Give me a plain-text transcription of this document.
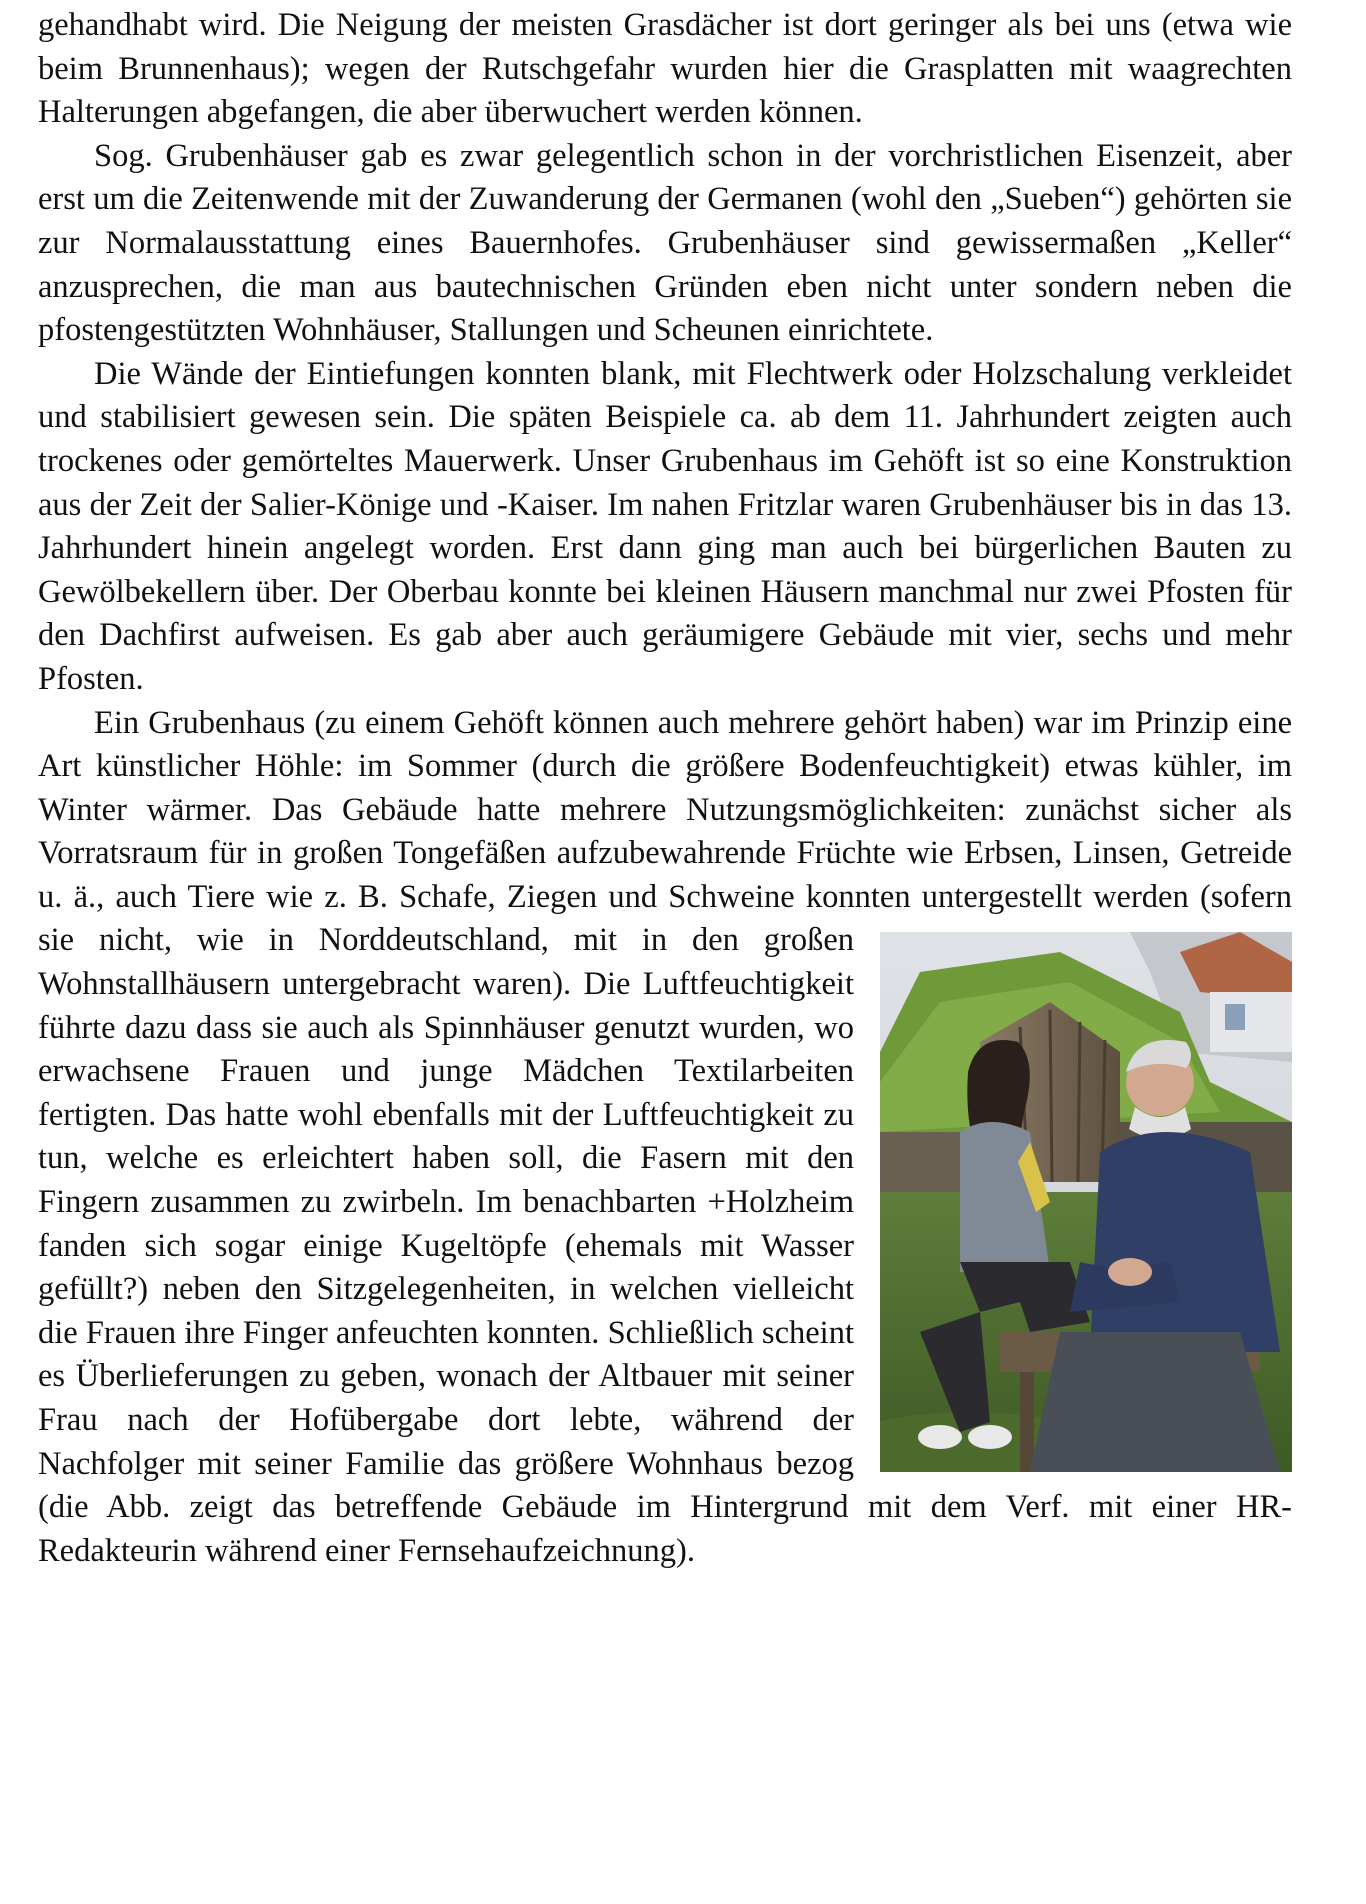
gehandhabt wird. Die Neigung der meisten Grasdächer ist dort geringer als bei uns (etwa wie beim Brunnenhaus); wegen der Rutschgefahr wurden hier die Grasplatten mit waagrechten Halterungen abgefangen, die aber überwuchert werden können.

Sog. Grubenhäuser gab es zwar gelegentlich schon in der vorchristlichen Eisenzeit, aber erst um die Zeitenwende mit der Zuwanderung der Germanen (wohl den „Sueben“) gehörten sie zur Normalausstattung eines Bauernhofes. Grubenhäuser sind gewissermaßen „Keller“ anzusprechen, die man aus bautechnischen Gründen eben nicht unter sondern neben die pfostengestützten Wohnhäuser, Stallungen und Scheunen einrichtete.

Die Wände der Eintiefungen konnten blank, mit Flechtwerk oder Holzschalung verkleidet und stabilisiert gewesen sein. Die späten Beispiele ca. ab dem 11. Jahrhundert zeigten auch trockenes oder gemörteltes Mauerwerk. Unser Grubenhaus im Gehöft ist so eine Konstruktion aus der Zeit der Salier-Könige und -Kaiser. Im nahen Fritzlar waren Grubenhäuser bis in das 13. Jahrhundert hinein angelegt worden. Erst dann ging man auch bei bürgerlichen Bauten zu Gewölbekellern über. Der Oberbau konnte bei kleinen Häusern manchmal nur zwei Pfosten für den Dachfirst aufweisen. Es gab aber auch geräumigere Gebäude mit vier, sechs und mehr Pfosten.

Ein Grubenhaus (zu einem Gehöft können auch mehrere gehört haben) war im Prinzip eine Art künstlicher Höhle: im Sommer (durch die größere Bodenfeuchtigkeit) etwas kühler, im Winter wärmer. Das Gebäude hatte mehrere Nutzungsmöglichkeiten: zunächst sicher als Vorratsraum für in großen Tongefäßen aufzubewahrende Früchte wie Erbsen, Linsen, Getreide u. ä., auch Tiere wie z. B. Schafe, Ziegen und Schweine konnten untergestellt werden (sofern sie
nicht, wie in Norddeutschland, mit in den großen Wohnstallhäusern untergebracht waren). Die Luftfeuchtigkeit führte dazu dass sie auch als Spinnhäuser genutzt wurden, wo erwachsene Frauen und junge Mädchen Textilarbeiten fertigten. Das hatte wohl ebenfalls mit der Luftfeuchtigkeit zu tun, welche es erleichtert haben soll, die Fasern mit den Fingern zusammen zu zwirbeln. Im benachbarten +Holzheim fanden sich sogar einige Kugeltöpfe (ehemals mit Wasser gefüllt?) neben den Sitzgelegenheiten, in welchen vielleicht die Frauen ihre Finger anfeuchten konnten. Schließlich scheint es Überlieferungen zu geben, wonach der Altbauer mit seiner Frau nach der Hofübergabe dort lebte, während der Nachfolger mit seiner Familie das größere Wohnhaus bezog (die Abb. zeigt das betreffende Gebäude im Hintergrund mit dem Verf. mit einer HR-Redakteurin während einer Fernsehaufzeichnung).
